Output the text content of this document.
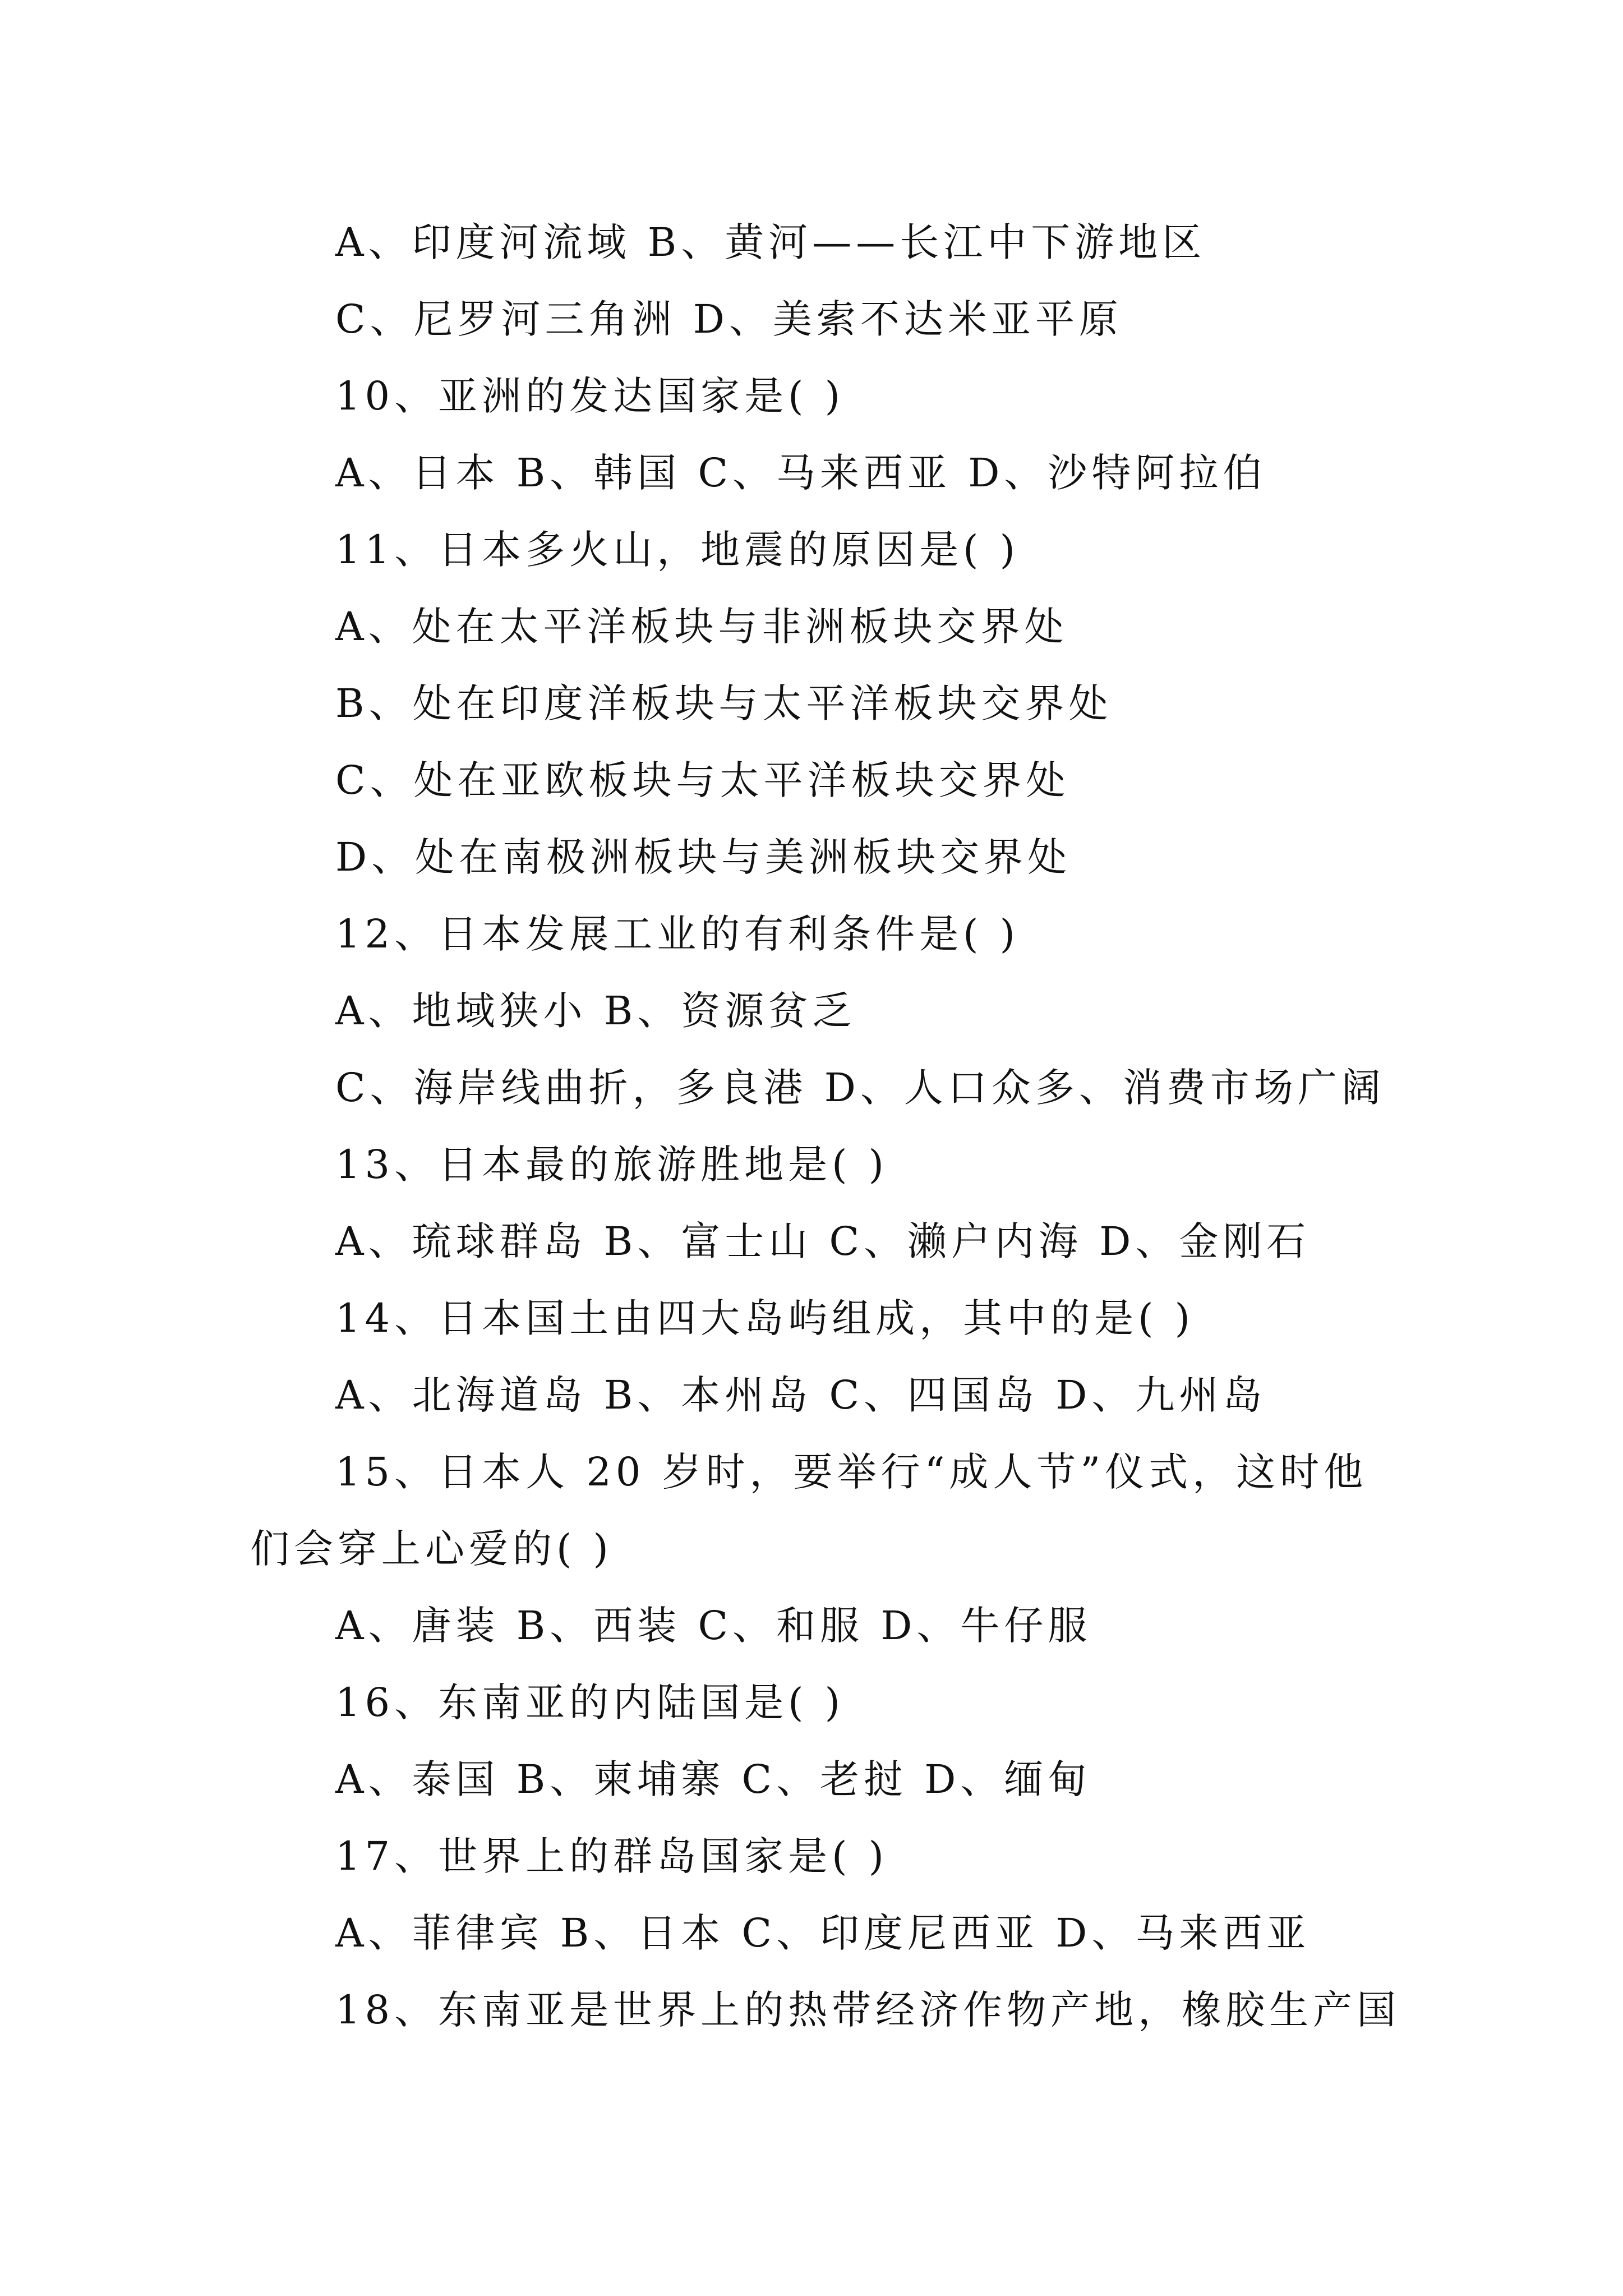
A、印度河流域 B、黄河——长江中下游地区

C、尼罗河三角洲 D、美索不达米亚平原

10、亚洲的发达国家是( )

A、日本 B、韩国 C、马来西亚 D、沙特阿拉伯

11、日本多火山，地震的原因是( )

A、处在太平洋板块与非洲板块交界处

B、处在印度洋板块与太平洋板块交界处

C、处在亚欧板块与太平洋板块交界处

D、处在南极洲板块与美洲板块交界处

12、日本发展工业的有利条件是( )

A、地域狭小 B、资源贫乏

C、海岸线曲折，多良港 D、人口众多、消费市场广阔

13、日本最的旅游胜地是( )

A、琉球群岛 B、富士山 C、濑户内海 D、金刚石

14、日本国土由四大岛屿组成，其中的是( )

A、北海道岛 B、本州岛 C、四国岛 D、九州岛

15、日本人 20 岁时，要举行“成人节”仪式，这时他

们会穿上心爱的( )

A、唐装 B、西装 C、和服 D、牛仔服

16、东南亚的内陆国是( )

A、泰国 B、柬埔寨 C、老挝 D、缅甸

17、世界上的群岛国家是( )

A、菲律宾 B、日本 C、印度尼西亚 D、马来西亚

18、东南亚是世界上的热带经济作物产地，橡胶生产国
